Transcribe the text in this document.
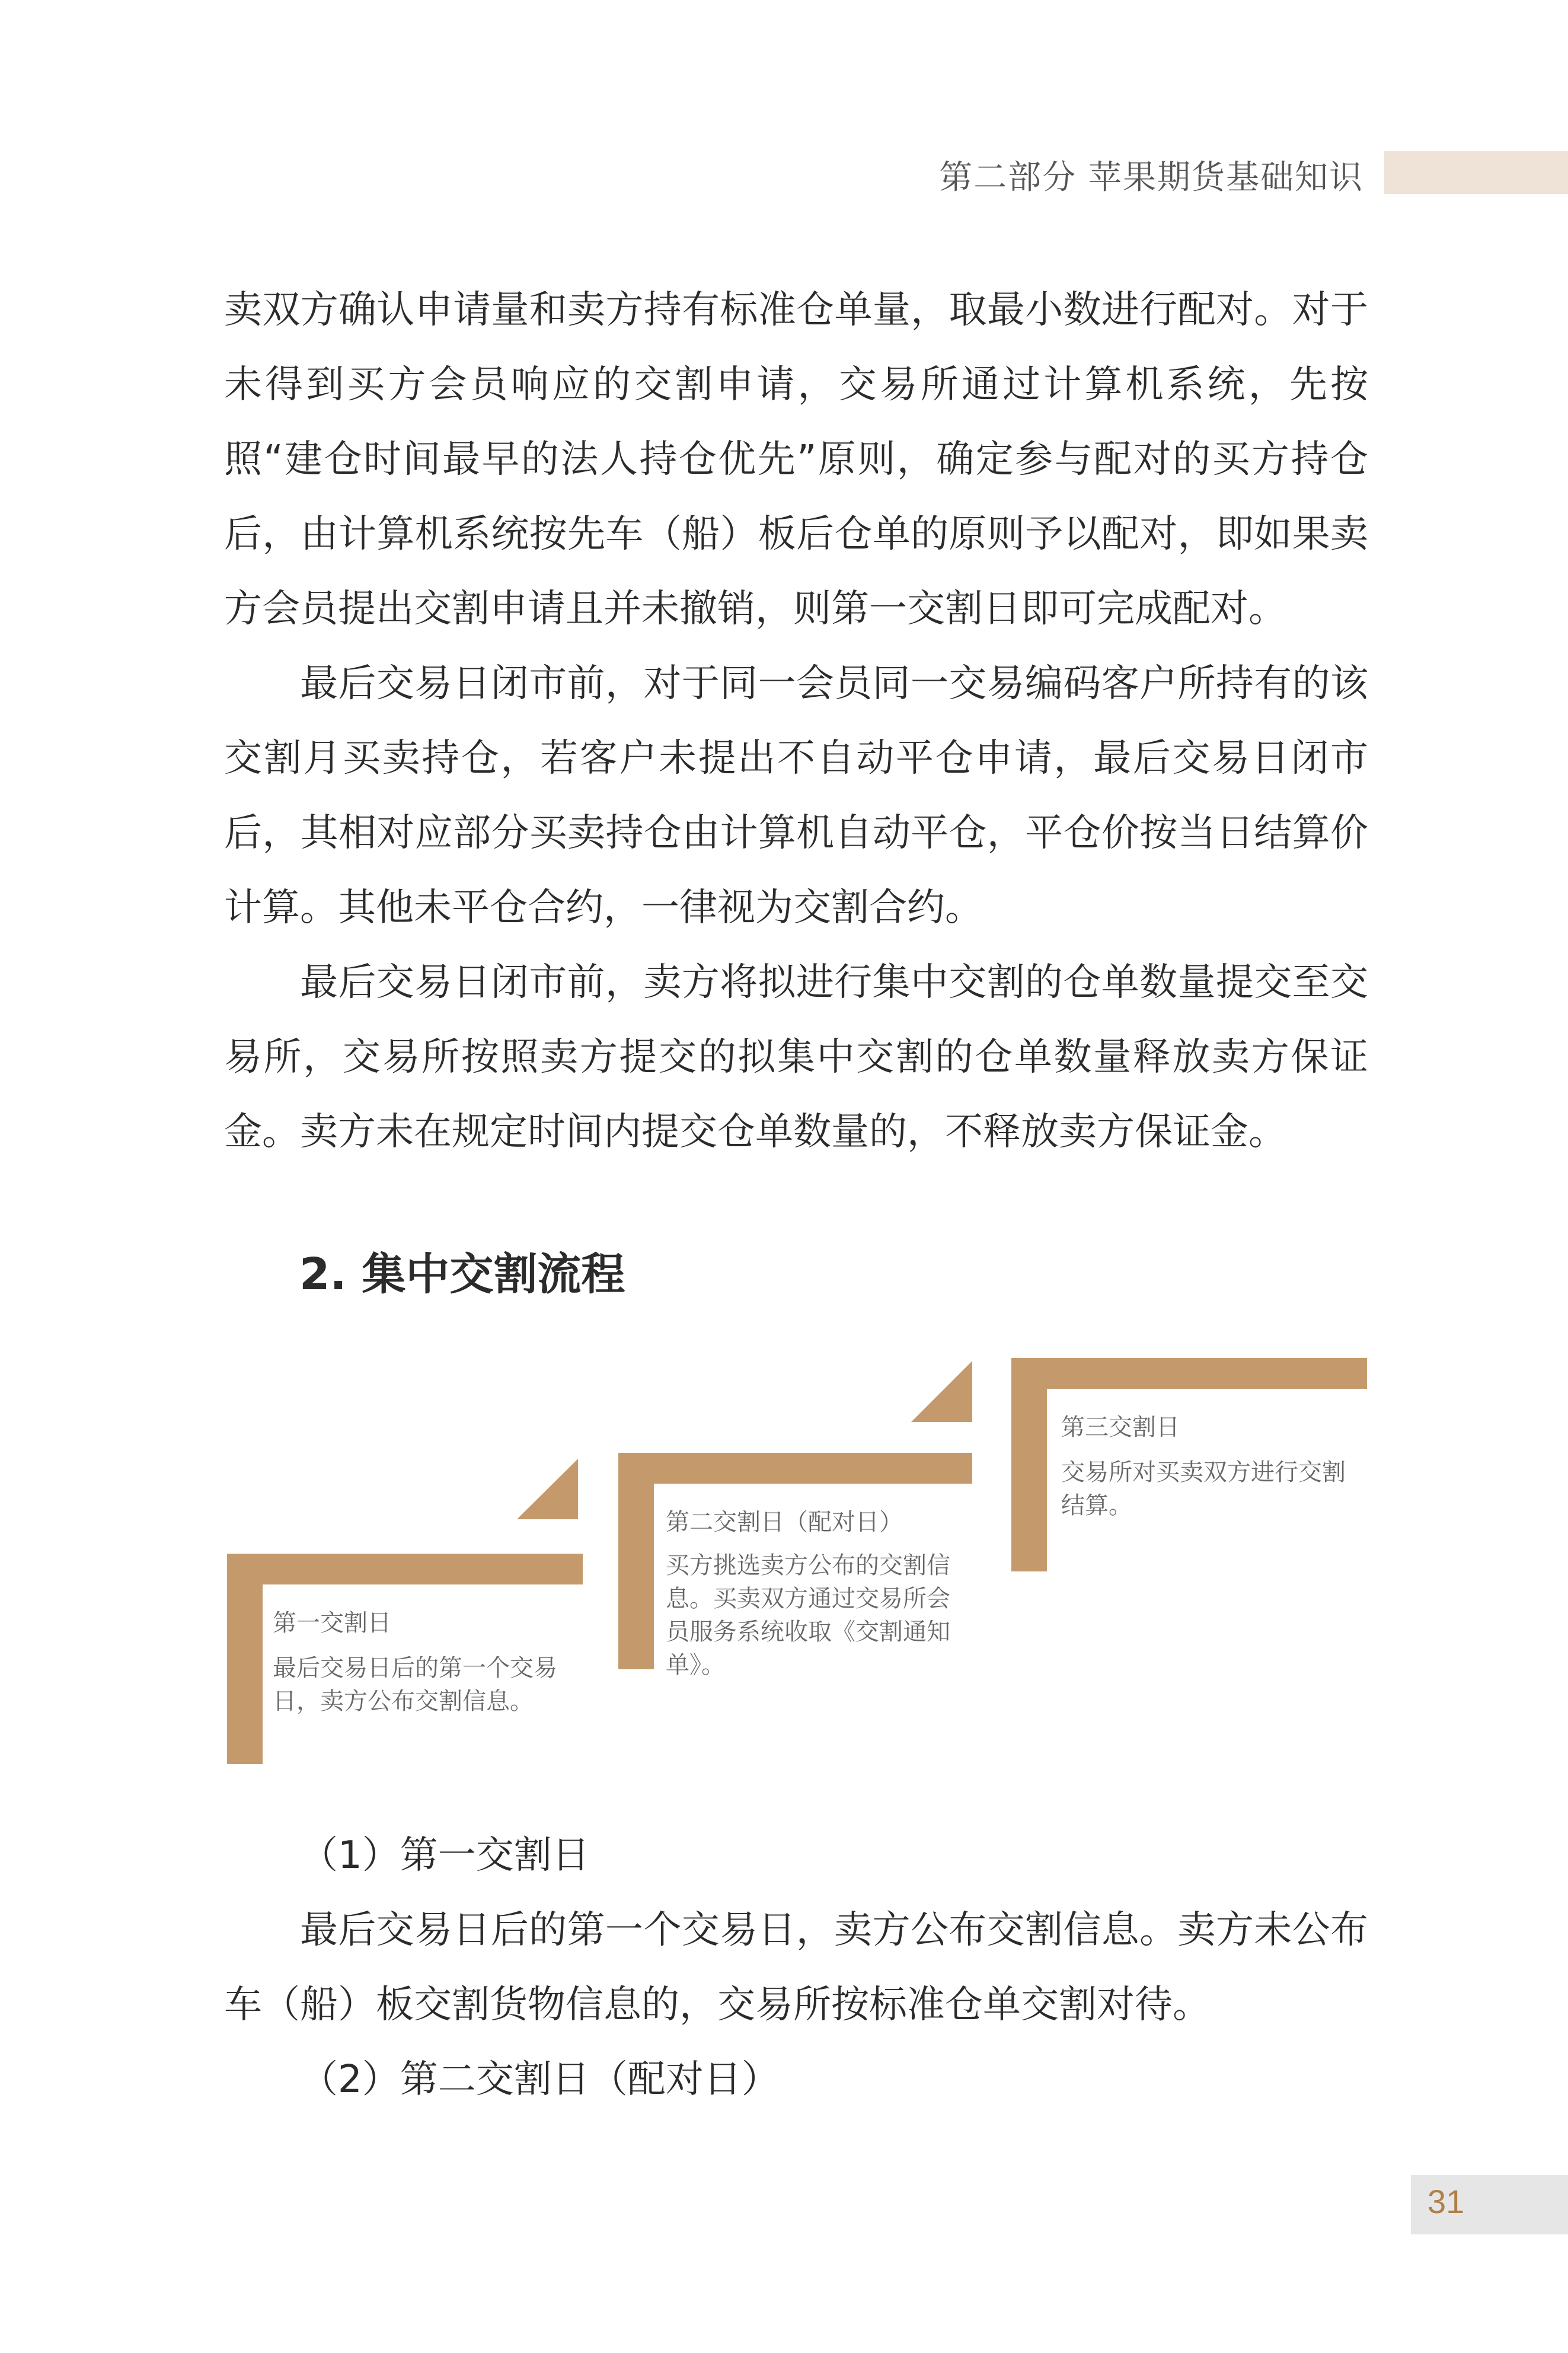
第二部分 苹果期货基础知识

卖双方确认申请量和卖方持有标准仓单量，取最小数进行配对。对于未得到买方会员响应的交割申请，交易所通过计算机系统，先按照“建仓时间最早的法人持仓优先”原则，确定参与配对的买方持仓后，由计算机系统按先车（船）板后仓单的原则予以配对，即如果卖方会员提出交割申请且并未撤销，则第一交割日即可完成配对。

最后交易日闭市前，对于同一会员同一交易编码客户所持有的该交割月买卖持仓，若客户未提出不自动平仓申请，最后交易日闭市后，其相对应部分买卖持仓由计算机自动平仓，平仓价按当日结算价计算。其他未平仓合约，一律视为交割合约。

最后交易日闭市前，卖方将拟进行集中交割的仓单数量提交至交易所，交易所按照卖方提交的拟集中交割的仓单数量释放卖方保证金。卖方未在规定时间内提交仓单数量的，不释放卖方保证金。

2. 集中交割流程
第一交割日
最后交易日后的第一个交易日，卖方公布交割信息。
第二交割日（配对日）
买方挑选卖方公布的交割信息。买卖双方通过交易所会员服务系统收取《交割通知单》。
第三交割日
交易所对买卖双方进行交割结算。

（1）第一交割日

最后交易日后的第一个交易日，卖方公布交割信息。卖方未公布车（船）板交割货物信息的，交易所按标准仓单交割对待。

（2）第二交割日（配对日）

31
